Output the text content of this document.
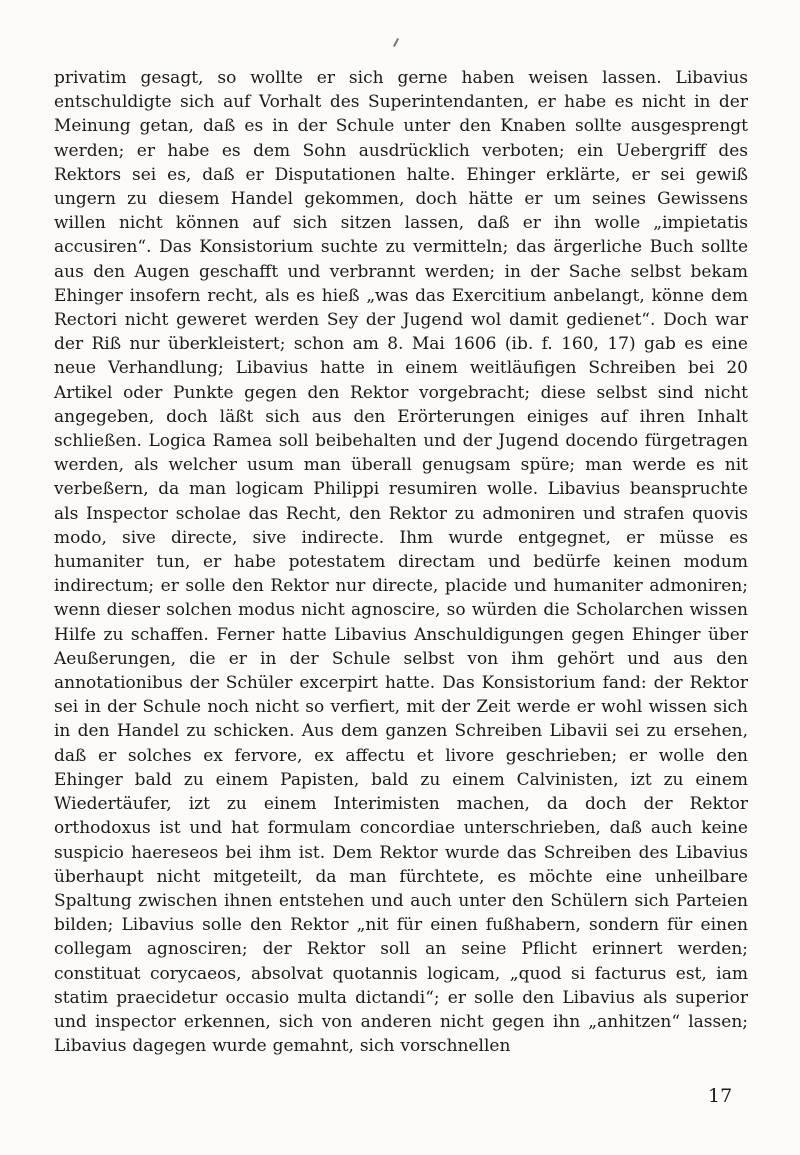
privatim gesagt, so wollte er sich gerne haben weisen lassen. Libavius entschuldigte sich auf Vorhalt des Superintendanten, er habe es nicht in der Meinung getan, daß es in der Schule unter den Knaben sollte ausgesprengt werden; er habe es dem Sohn ausdrücklich verboten; ein Uebergriff des Rektors sei es, daß er Disputationen halte. Ehinger erklärte, er sei gewiß ungern zu diesem Handel gekommen, doch hätte er um seines Gewissens willen nicht können auf sich sitzen lassen, daß er ihn wolle „impietatis accusiren“. Das Konsistorium suchte zu vermitteln; das ärgerliche Buch sollte aus den Augen geschafft und verbrannt werden; in der Sache selbst bekam Ehinger insofern recht, als es hieß „was das Exercitium anbelangt, könne dem Rectori nicht geweret werden Sey der Jugend wol damit gedienet“. Doch war der Riß nur überkleistert; schon am 8. Mai 1606 (ib. f. 160, 17) gab es eine neue Verhandlung; Libavius hatte in einem weitläufigen Schreiben bei 20 Artikel oder Punkte gegen den Rektor vorgebracht; diese selbst sind nicht angegeben, doch läßt sich aus den Erörterungen einiges auf ihren Inhalt schließen. Logica Ramea soll beibehalten und der Jugend docendo fürgetragen werden, als welcher usum man überall genugsam spüre; man werde es nit verbeßern, da man logicam Philippi resumiren wolle. Libavius beanspruchte als Inspector scholae das Recht, den Rektor zu admoniren und strafen quovis modo, sive directe, sive indirecte. Ihm wurde entgegnet, er müsse es humaniter tun, er habe potestatem directam und bedürfe keinen modum indirectum; er solle den Rektor nur directe, placide und humaniter admoniren; wenn dieser solchen modus nicht agnoscire, so würden die Scholarchen wissen Hilfe zu schaffen. Ferner hatte Libavius Anschuldigungen gegen Ehinger über Aeußerungen, die er in der Schule selbst von ihm gehört und aus den annotationibus der Schüler excerpirt hatte. Das Konsistorium fand: der Rektor sei in der Schule noch nicht so verfiert, mit der Zeit werde er wohl wissen sich in den Handel zu schicken. Aus dem ganzen Schreiben Libavii sei zu ersehen, daß er solches ex fervore, ex affectu et livore geschrieben; er wolle den Ehinger bald zu einem Papisten, bald zu einem Calvinisten, izt zu einem Wiedertäufer, izt zu einem Interimisten machen, da doch der Rektor orthodoxus ist und hat formulam concordiae unterschrieben, daß auch keine suspicio haereseos bei ihm ist. Dem Rektor wurde das Schreiben des Libavius überhaupt nicht mitgeteilt, da man fürchtete, es möchte eine unheilbare Spaltung zwischen ihnen entstehen und auch unter den Schülern sich Parteien bilden; Libavius solle den Rektor „nit für einen fußhabern, sondern für einen collegam agnosciren; der Rektor soll an seine Pflicht erinnert werden; constituat corycaeos, absolvat quotannis logicam, „quod si facturus est, iam statim praecidetur occasio multa dictandi“; er solle den Libavius als superior und inspector erkennen, sich von anderen nicht gegen ihn „anhitzen“ lassen; Libavius dagegen wurde gemahnt, sich vorschnellen

17
